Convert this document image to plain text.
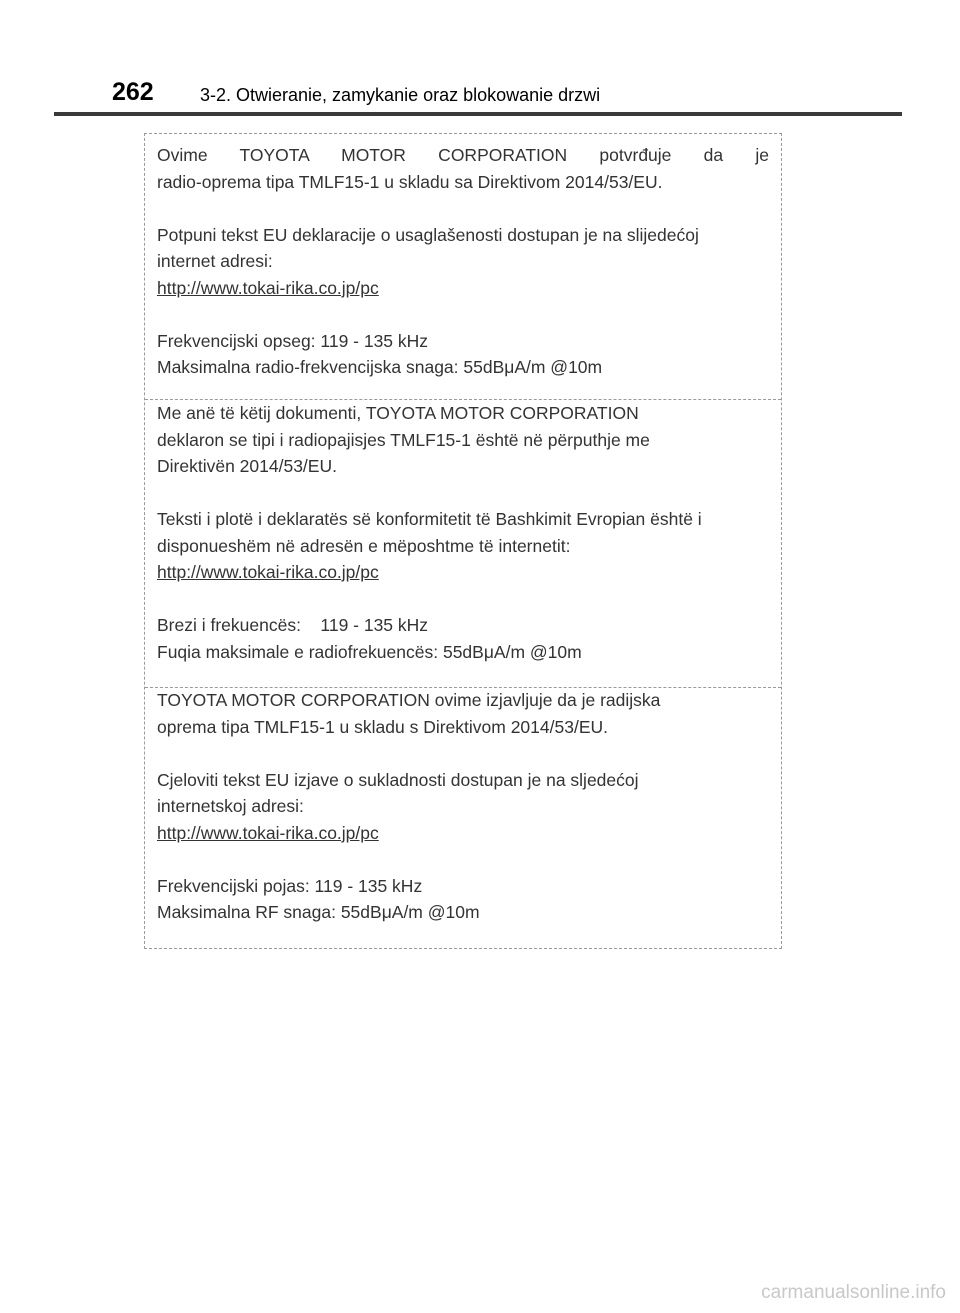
262	3-2. Otwieranie, zamykanie oraz blokowanie drzwi

Ovime TOYOTA MOTOR CORPORATION potvrđuje da je

radio-oprema tipa TMLF15-1 u skladu sa Direktivom 2014/53/EU.

Potpuni tekst EU deklaracije o usaglašenosti dostupan je na slijedećoj

internet adresi:

http://www.tokai-rika.co.jp/pc

Frekvencijski opseg: 119 - 135 kHz

Maksimalna radio-frekvencijska snaga: 55dBμA/m @10m

Me anë të këtij dokumenti, TOYOTA MOTOR CORPORATION

deklaron se tipi i radiopajisjes TMLF15-1 është në përputhje me

Direktivën 2014/53/EU.

Teksti i plotë i deklaratës së konformitetit të Bashkimit Evropian është i

disponueshëm në adresën e mëposhtme të internetit:

http://www.tokai-rika.co.jp/pc

Brezi i frekuencës:    119 - 135 kHz

Fuqia maksimale e radiofrekuencës: 55dBμA/m @10m

TOYOTA MOTOR CORPORATION ovime izjavljuje da je radijska

oprema tipa TMLF15-1 u skladu s Direktivom 2014/53/EU.

Cjeloviti tekst EU izjave o sukladnosti dostupan je na sljedećoj

internetskoj adresi:

http://www.tokai-rika.co.jp/pc

Frekvencijski pojas: 119 - 135 kHz

Maksimalna RF snaga: 55dBμA/m @10m

carmanualsonline.info
